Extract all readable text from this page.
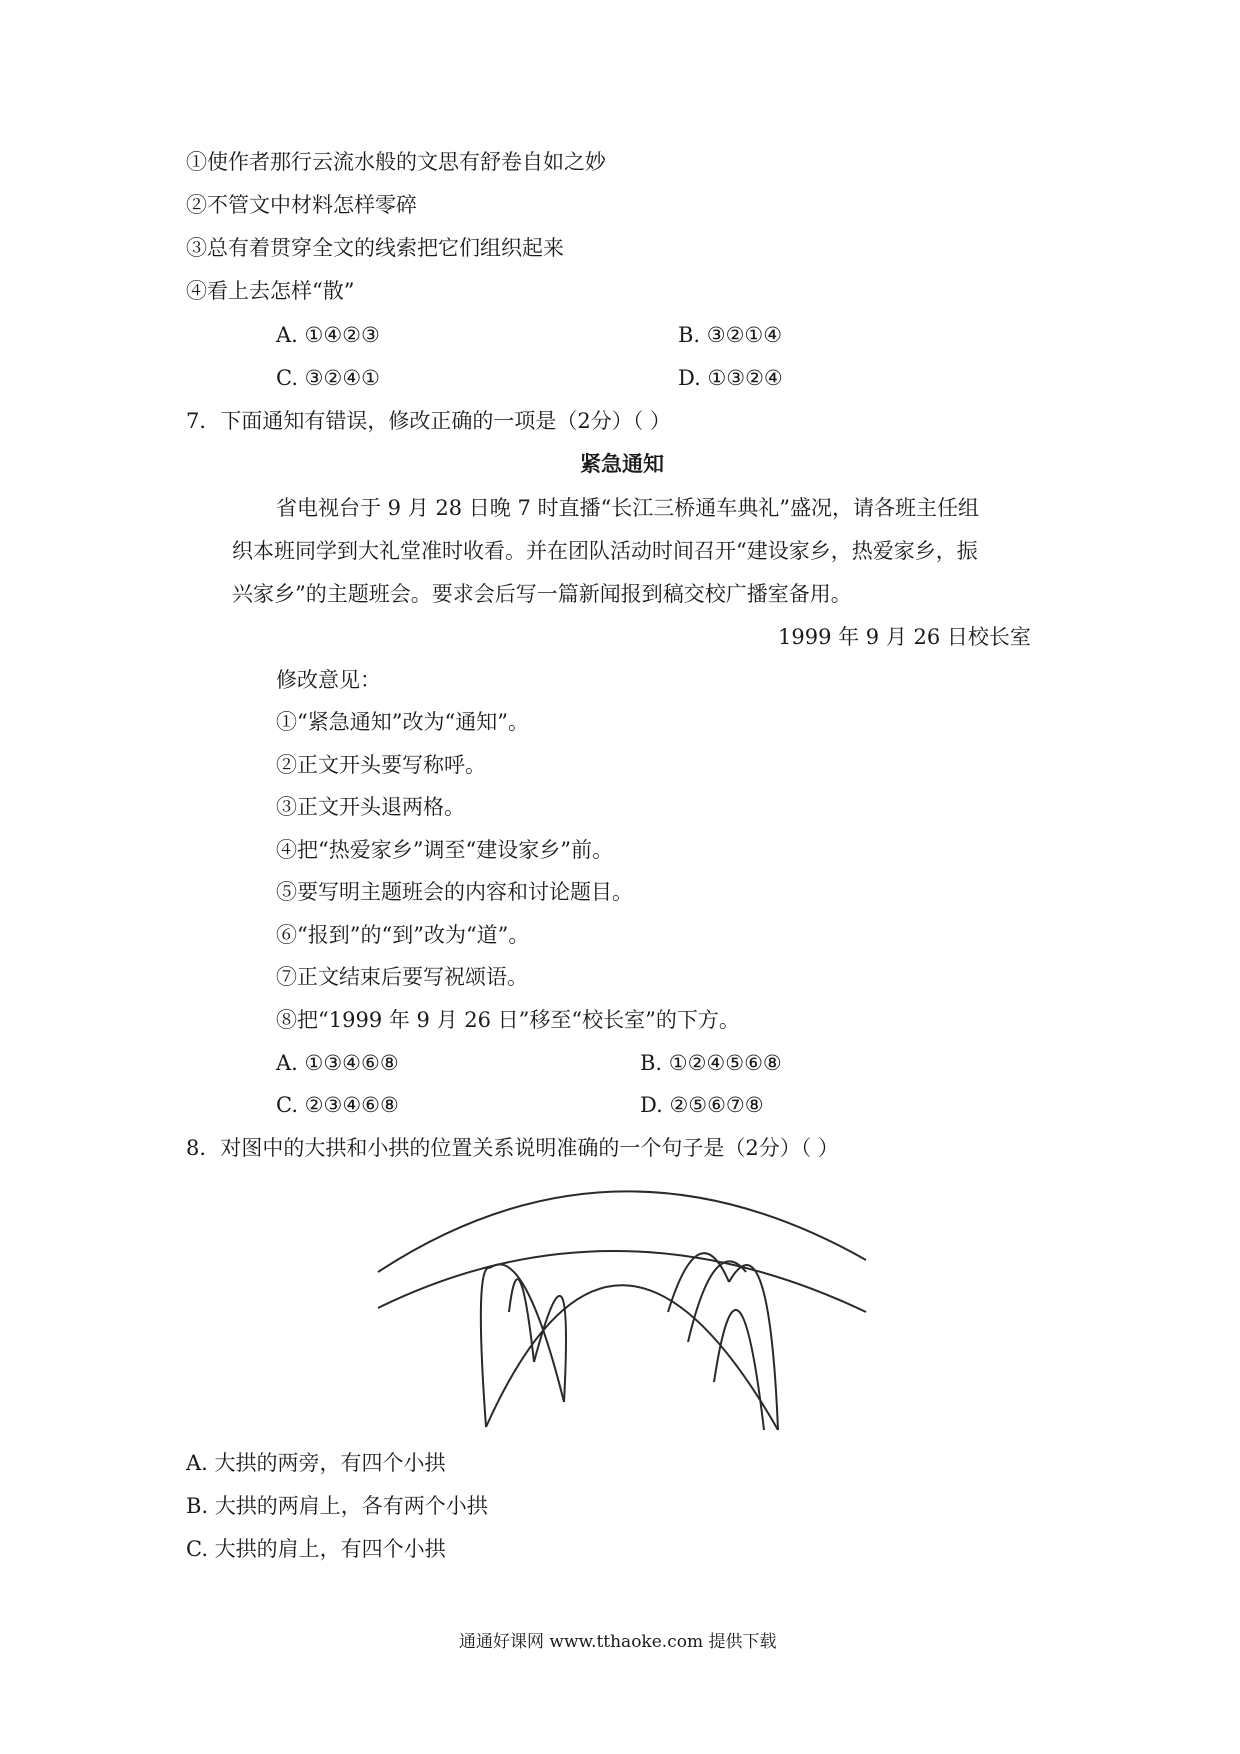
①使作者那行云流水般的文思有舒卷自如之妙
②不管文中材料怎样零碎
③总有着贯穿全文的线索把它们组织起来
④看上去怎样“散”
A. ①④②③	B. ③②①④
C. ③②④①	D. ①③②④
7．下面通知有错误，修改正确的一项是（2分）（ ）
紧急通知
省电视台于 9 月 28 日晚 7 时直播“长江三桥通车典礼”盛况，请各班主任组
织本班同学到大礼堂准时收看。并在团队活动时间召开“建设家乡，热爱家乡，振
兴家乡”的主题班会。要求会后写一篇新闻报到稿交校广播室备用。
1999 年 9 月 26 日校长室
修改意见：
①“紧急通知”改为“通知”。
②正文开头要写称呼。
③正文开头退两格。
④把“热爱家乡”调至“建设家乡”前。
⑤要写明主题班会的内容和讨论题目。
⑥“报到”的“到”改为“道”。
⑦正文结束后要写祝颂语。
⑧把“1999 年 9 月 26 日”移至“校长室”的下方。
A. ①③④⑥⑧	B. ①②④⑤⑥⑧
C. ②③④⑥⑧	D. ②⑤⑥⑦⑧
8．对图中的大拱和小拱的位置关系说明准确的一个句子是（2分）（ ）
A. 大拱的两旁，有四个小拱
B. 大拱的两肩上，各有两个小拱
C. 大拱的肩上，有四个小拱
通通好课网 www.tthaoke.com 提供下载
